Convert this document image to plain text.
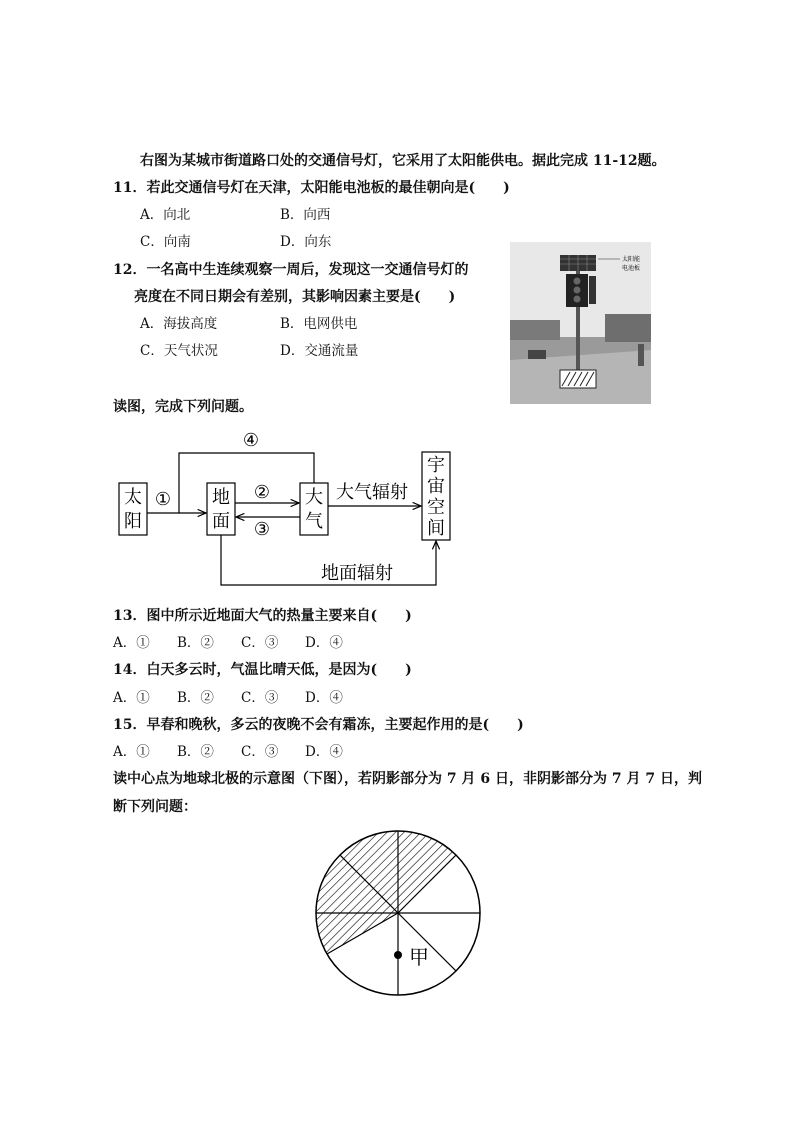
右图为某城市街道路口处的交通信号灯，它采用了太阳能供电。据此完成 11-12题。
11．若此交通信号灯在天津，太阳能电池板的最佳朝向是(　　)
A．向北	B．向西
C．向南	D．向东
12．一名高中生连续观察一周后，发现这一交通信号灯的
亮度在不同日期会有差别，其影响因素主要是(　　)
A．海拔高度	B．电网供电
C．天气状况	D．交通流量
太阳能
电池板
读图，完成下列问题。
太
阳
地
面
大
气
宇
宙
空
间
④
①	②
③
大气辐射
地面辐射
13．图中所示近地面大气的热量主要来自(　　)
A．① B．② C．③ D．④
14．白天多云时，气温比晴天低，是因为(　　)
A．① B．② C．③ D．④
15．早春和晚秋，多云的夜晚不会有霜冻，主要起作用的是(　　)
A．① B．② C．③ D．④
读中心点为地球北极的示意图（下图），若阴影部分为 7 月 6 日，非阴影部分为 7 月 7 日，判
断下列问题：
甲
